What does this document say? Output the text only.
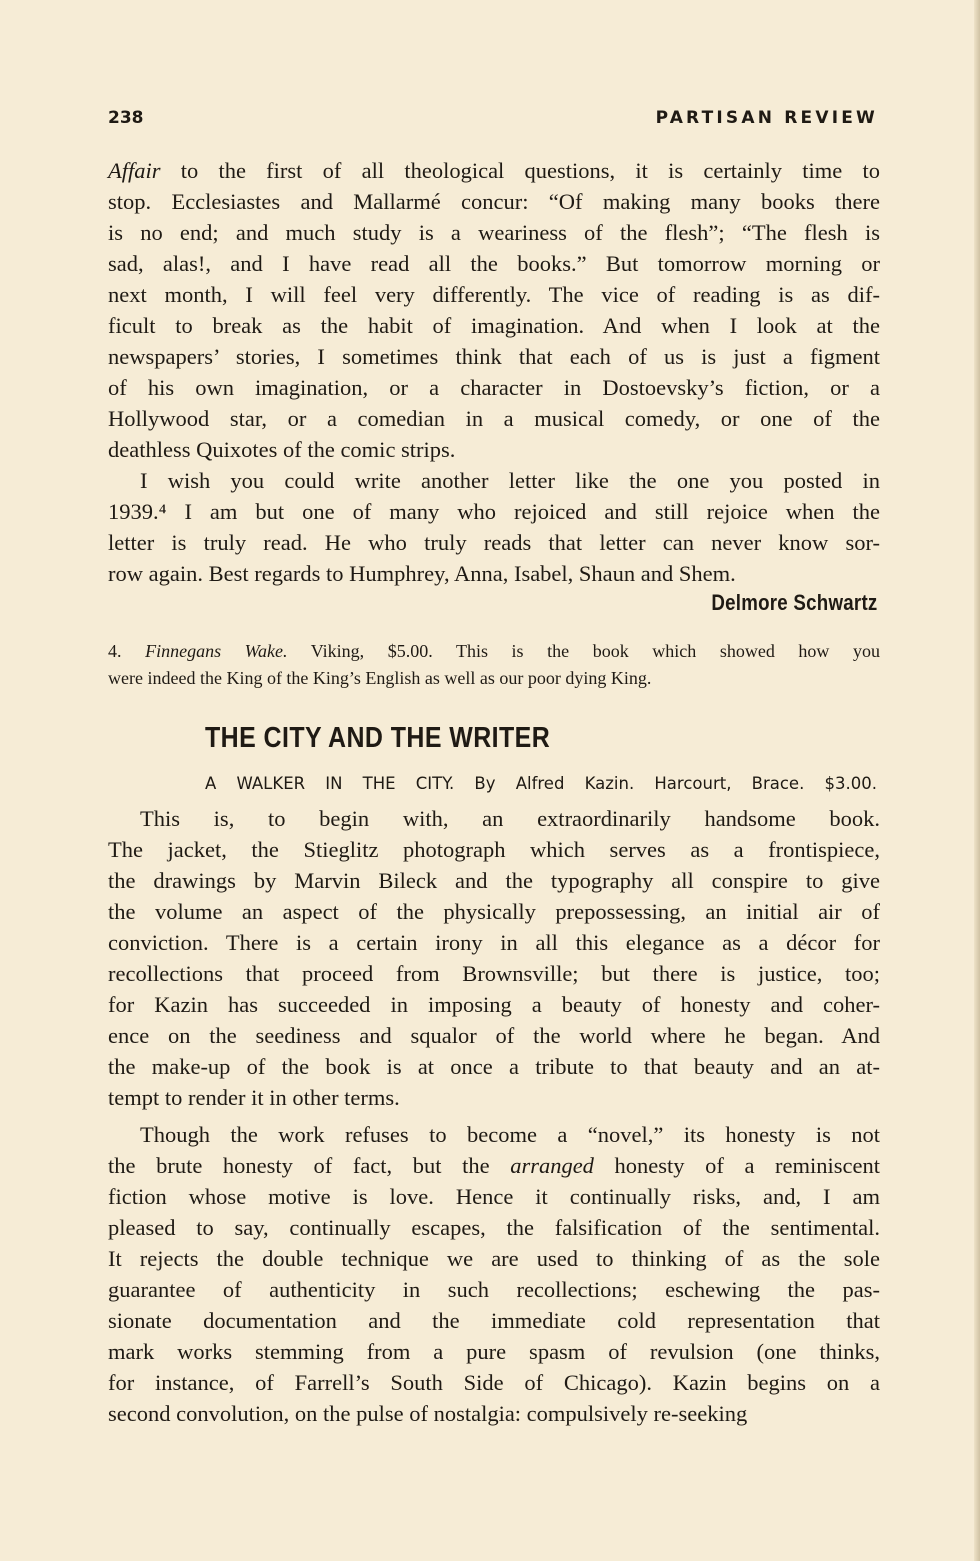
238	PARTISAN REVIEW
Affair to the first of all theological questions, it is certainly time to
stop. Ecclesiastes and Mallarmé concur: “Of making many books there
is no end; and much study is a weariness of the flesh”; “The flesh is
sad, alas!, and I have read all the books.” But tomorrow morning or
next month, I will feel very differently. The vice of reading is as dif-
ficult to break as the habit of imagination. And when I look at the
newspapers’ stories, I sometimes think that each of us is just a figment
of his own imagination, or a character in Dostoevsky’s fiction, or a
Hollywood star, or a comedian in a musical comedy, or one of the
deathless Quixotes of the comic strips.
I wish you could write another letter like the one you posted in
1939.⁴ I am but one of many who rejoiced and still rejoice when the
letter is truly read. He who truly reads that letter can never know sor-
row again. Best regards to Humphrey, Anna, Isabel, Shaun and Shem.
Delmore Schwartz
4. Finnegans Wake. Viking, $5.00. This is the book which showed how you
were indeed the King of the King’s English as well as our poor dying King.
THE CITY AND THE WRITER
A WALKER IN THE CITY. By Alfred Kazin. Harcourt, Brace. $3.00.
This is, to begin with, an extraordinarily handsome book.
The jacket, the Stieglitz photograph which serves as a frontispiece,
the drawings by Marvin Bileck and the typography all conspire to give
the volume an aspect of the physically prepossessing, an initial air of
conviction. There is a certain irony in all this elegance as a décor for
recollections that proceed from Brownsville; but there is justice, too;
for Kazin has succeeded in imposing a beauty of honesty and coher-
ence on the seediness and squalor of the world where he began. And
the make-up of the book is at once a tribute to that beauty and an at-
tempt to render it in other terms.
Though the work refuses to become a “novel,” its honesty is not
the brute honesty of fact, but the arranged honesty of a reminiscent
fiction whose motive is love. Hence it continually risks, and, I am
pleased to say, continually escapes, the falsification of the sentimental.
It rejects the double technique we are used to thinking of as the sole
guarantee of authenticity in such recollections; eschewing the pas-
sionate documentation and the immediate cold representation that
mark works stemming from a pure spasm of revulsion (one thinks,
for instance, of Farrell’s South Side of Chicago). Kazin begins on a
second convolution, on the pulse of nostalgia: compulsively re-seeking
